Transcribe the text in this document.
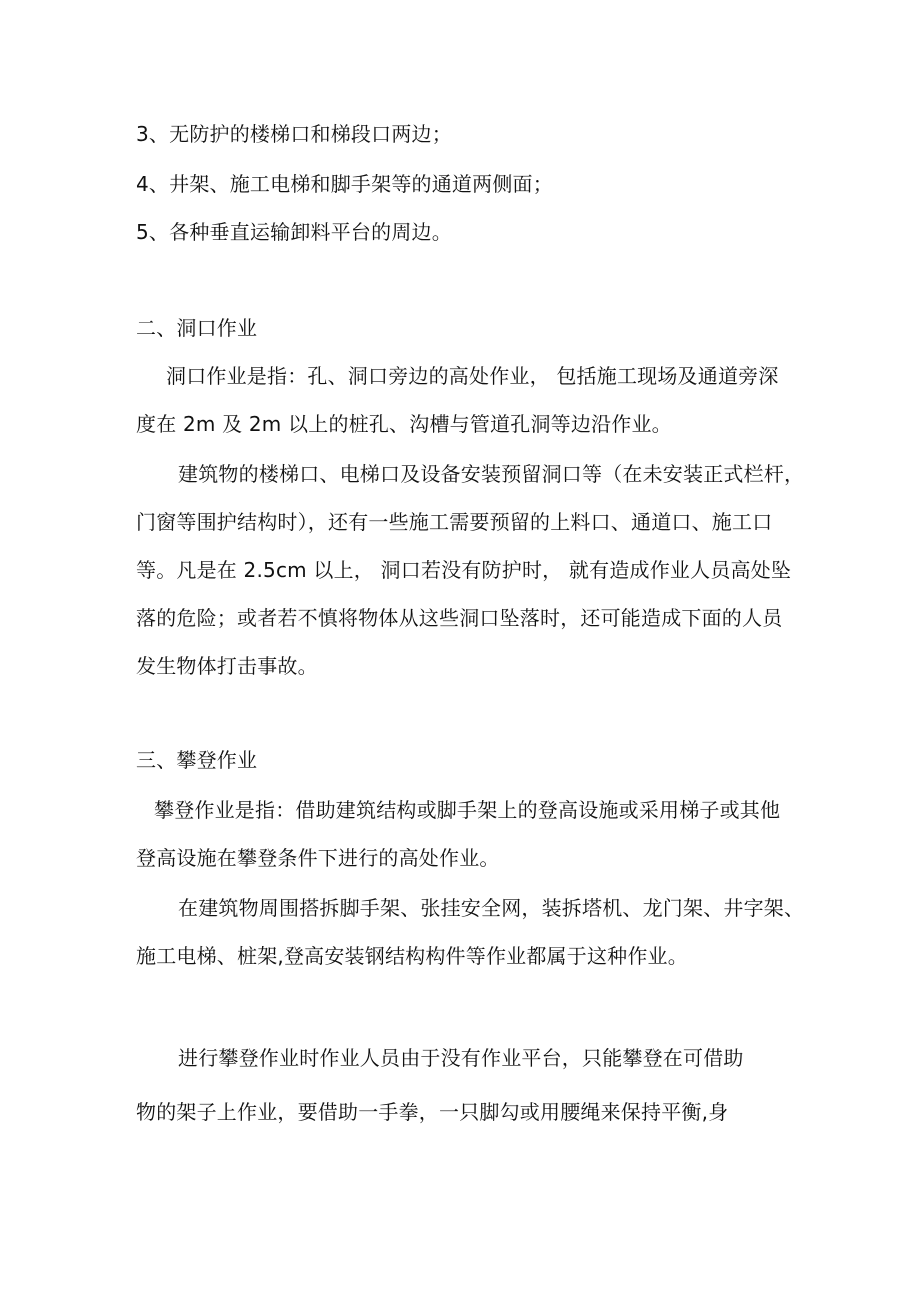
3、无防护的楼梯口和梯段口两边；
4、井架、施工电梯和脚手架等的通道两侧面；
5、各种垂直运输卸料平台的周边。
二、洞口作业
洞口作业是指：孔、洞口旁边的高处作业， 包括施工现场及通道旁深
度在 2m 及 2m 以上的桩孔、沟槽与管道孔洞等边沿作业。
建筑物的楼梯口、电梯口及设备安装预留洞口等（在未安装正式栏杆，
门窗等围护结构时），还有一些施工需要预留的上料口、通道口、施工口
等。凡是在 2.5cm 以上， 洞口若没有防护时， 就有造成作业人员高处坠
落的危险；或者若不慎将物体从这些洞口坠落时，还可能造成下面的人员
发生物体打击事故。
三、攀登作业
攀登作业是指：借助建筑结构或脚手架上的登高设施或采用梯子或其他
登高设施在攀登条件下进行的高处作业。
在建筑物周围搭拆脚手架、张挂安全网，装拆塔机、龙门架、井字架、
施工电梯、桩架,登高安装钢结构构件等作业都属于这种作业。
进行攀登作业时作业人员由于没有作业平台，只能攀登在可借助
物的架子上作业，要借助一手拳，一只脚勾或用腰绳来保持平衡,身
